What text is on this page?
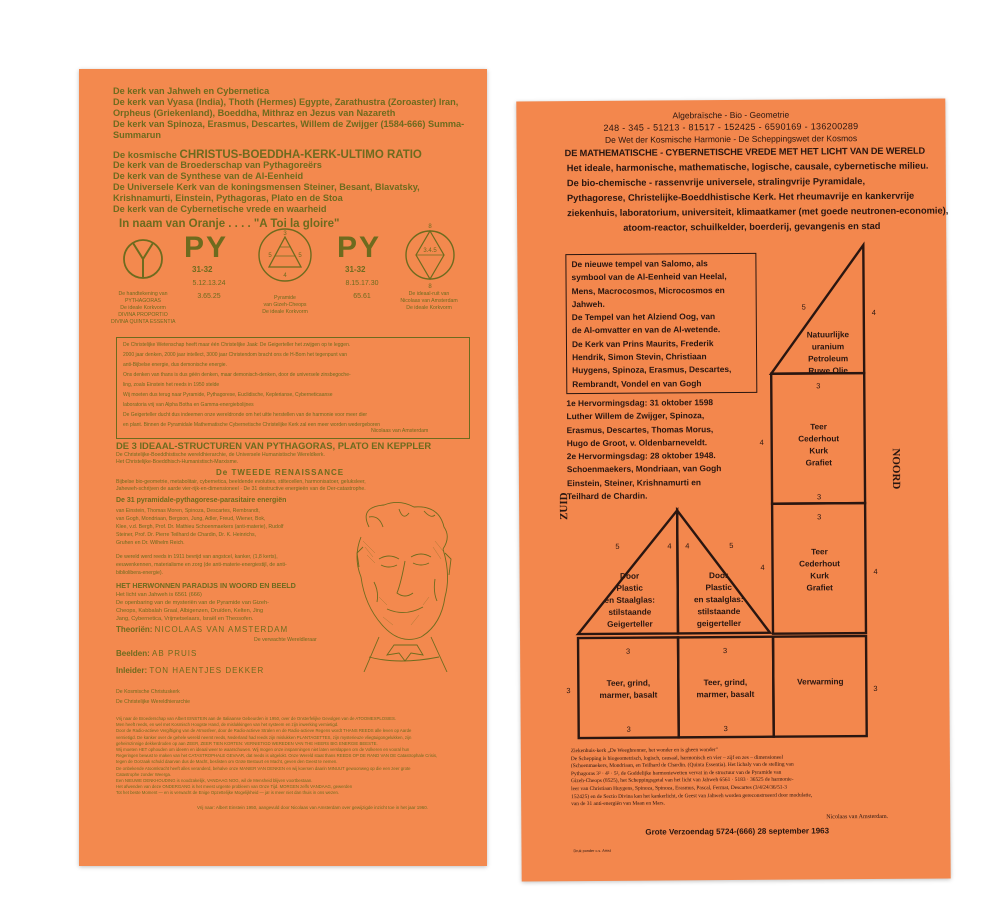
De kerk van Jahweh en Cybernetica
De kerk van Vyasa (India), Thoth (Hermes) Egypte, Zarathustra (Zoroaster) Iran,
Orpheus (Griekenland), Boeddha, Mithraz en Jezus van Nazareth
De kerk van Spinoza, Erasmus, Descartes, Willem de Zwijger (1584-666) Summa-
Summarun
De kosmische CHRISTUS-BOEDDHA-KERK-ULTIMO RATIO
De kerk van de Broederschap van Pythagoreërs
De kerk van de Synthese van de Al-Eenheid
De Universele Kerk van de koningsmensen Steiner, Besant, Blavatsky,
Krishnamurti, Einstein, Pythagoras, Plato en de Stoa
De kerk van de Cybernetische vrede en waarheid
In naam van Oranje . . . . "A Toi la gloire"
PY
31-32
5.12.13.24
3.65.25
3
5	5
4
PY
31-32
8.15.17.30
65.61
8
3.4.5
8
De handtekening van
PYTHAGORAS
De ideale Korkvorm
DIVINA PROPORTIO
DIVINA QUINTA ESSENTIA
Pyramide
van Gizeh-Cheops
De ideale Korkvorm
De ideaal-ruit van
Nicolaas van Amsterdam
De ideale Korkvorm
De Christelijke Wetenschap heeft maar één Christelijke Jaak: De Geigerteller het zwijgen op te leggen.
2000 jaar denken, 2000 jaar intellect, 3000 jaar Christendom bracht ons de H-Bom het tegenpunt van
anti-Bijbelse energie, dus demonische energie.
Ons denken van thans is dus géén denken, maar demonisch-denken, door de universele zinsbegoche-
ling, zoals Einstein het reeds in 1950 stelde
Wij moeten dus terug naar Pyramide, Pythagorese, Euclidische, Keplerianse, Cyberneticaanse
laboratoria vrij van Alpha Botha en Gamma-energiebolijnes
De Geigerteller ducht dus indeemen onze wereldronde om het uitte herstellen van de harmonie voor meer dier
en plant. Binnen de Pyramidale Mathematische Cybernetische Christelijke Kerk zal een meer worden wedergeboren
Nicolaas van Amsterdam
DE 3 IDEAAL-STRUCTUREN VAN PYTHAGORAS, PLATO EN KEPPLER
De Christelijke-Boeddhistische wereldhierarchie, de Universele Humanistische Wereldkerk.
Het Christelijke-Boeddhisch-Humanistisch-Marxisme.
De TWEEDE RENAISSANCE
Bijbelse bio-geometrie, metabolitair, cybernetica, beeldende evoluties, stiltecellen, harmonisatoer, geluksleer,
Jaheweh-schrijven de aarde vier-rijk-en-dimensioneel · De 31 destructive energieën van de Oer-catastrophe.
De 31 pyramidale-pythagorese-parasitaire energiën
van Einstein, Thomas Moren, Spinoza, Descartes, Rembrandt,
van Gogh, Mondriaan, Bergson, Jung, Adler, Freud, Wiener, Bok,
Klee, v.d. Bergh, Prof. Dr. Mathieu Schoenmaekers (anti-materie), Rudolf
Steiner, Prof. Dr. Pierre Teilhard de Chardin, Dr. K. Heinrichs,
Gruhen en Dr. Wilhelm Reich.
De wereld werd reeds in 1911 bevrijd van angstcel, kanker, (1,8 kerts),
eeuwenkennen, materialisme en zorg (de anti-materie-energiestijl, de anti-
bibliolibera-energie).
HET HERWONNEN PARADIJS IN WOORD EN BEELD
Het licht van Jahweh is 6561 (666)
De openbaring van de mysteriën van de Pyramide van Gizeh-
Cheops, Kabbalah Graal, Albigenzen, Druïden, Kelten, Jing
Jang, Cybernetica, Vrijmetselaars, Israël en Theosofen.
Theoriën: NICOLAAS VAN AMSTERDAM
De verwachte Wereldleraar
Beelden: AB PRUIS
Inleider: TON HAENTJES DEKKER
De Kosmische Christuskerk
De Christelijke Wereldhierarchie
Vrij naar de Broederschap van Albert EINSTEIN aan de Italiaanse Gebeurden in 1950, over de Onsterfelijke Gevolgen van de ATOOMEXPLOSIES.
Men heeft reeds, en wel met Kosmisch Hoogste Hand, de mislukkingen van het systeem en zijn inwerking vernietigd.
Door de Radio-actieve Vergiftiging van de Atmosfeer, door de Radio-actieve Stralen en de Radio-actieve Regens wordt THANS REEDS alle leven op Aarde
vernietigd. De kanker over de gehele wereld neemt reeds, Nederland had reeds zijn mislukken PLANTAGETTES, zijn mysterieuze vliegtuigongelukken, zijn
geheimzinnige dekkerdroden op aan ZEER, ZEER TIEN KORTEN: VERNIETIGD WEREDEN VAN THE HEERS BIG ENERGIE BEESTE.
Wij moeten HET ophouden om ideeën en ideaal weer te waarschuwen. Wij mogen onze inspanningen niet laten verslappen om de Volkeren en vooral hun
Regeringen bewust te maken van het CATASTROPHALE GEVAAR, dat reeds is uitgelokt. Onze Wereld staat thans REEDS OP DE RAND VAN DE Catastrophale Crisis,
tegen de Oorzaak schuld daarvan dus de Macht, beslisten om Grote Bestuurt en Macht, geven den Geest te nemen.
De onbekende Atoomkracht heeft alles veranderd, behalve onze MANIER VAN DENKEN en wij koersen daarin MINUUT gewoonweg op die een zeer grote
Catastrophe zonder Weerga.
Een NIEUWE DENKHOUDING is noodzakelijk, VANDAAG NOG, wil de Mensheid blijven voortbestaan.
Het afwenden van deze ONDERGANG is het meest urgente probleem van Onze Tijd. MORGEN zelfs VANDAAG, gewerden
Tot het beste Moment — en is verwacht de Enige Opzettelijke Mogelijkheid — ja! is meer niet dan thuis in ons wezen.
Vrij naar: Albert Einstein 1950, aangevuld door Nicolaas van Amsterdam over gewijzigde inzicht toe in het jaar 1960.
Algebraïsche - Bio - Geometrie
248 - 345 - 51213 - 81517 - 152425 - 6590169 - 136200289
De Wet der Kosmische Harmonie - De Scheppingswet der Kosmos
DE MATHEMATISCHE - CYBERNETISCHE VREDE MET HET LICHT VAN DE WERELD
Het ideale, harmonische, mathematische, logische, causale, cybernetische milieu.
De bio-chemische - rassenvrije universele, stralingvrije Pyramidale,
Pythagorese, Christelijke-Boeddhistische Kerk. Het rheumavrije en kankervrije
ziekenhuis, laboratorium, universiteit, klimaatkamer (met goede neutronen-economie),
atoom-reactor, schuilkelder, boerderij, gevangenis en stad
De nieuwe tempel van Salomo, als
symbool van de Al-Eenheid van Heelal,
Mens, Macrocosmos, Microcosmos en
Jahweh.
De Tempel van het Alziend Oog, van
de Al-omvatter en van de Al-wetende.
De Kerk van Prins Maurits, Frederik
Hendrik, Simon Stevin, Christiaan
Huygens, Spinoza, Erasmus, Descartes,
Rembrandt, Vondel en van Gogh
1e Hervormingsdag: 31 oktober 1598
Luther Willem de Zwijger, Spinoza,
Erasmus, Descartes, Thomas Morus,
Hugo de Groot, v. Oldenbarneveldt.
2e Hervormingsdag: 28 oktober 1948.
Schoenmaekers, Mondriaan, van Gogh
Einstein, Steiner, Krishnamurti en
Teilhard de Chardin.
ZUID
NOORD
Natuurlijke
uranium
Petroleum
Ruwe Olie
Teer
Cederhout
Kurk
Grafiet
Teer
Cederhout
Kurk
Grafiet
Door
Plastic
en Staalglas:
stilstaande
Geigerteller
Door
Plastic
en staalglas:
stilstaande
geigerteller
Teer, grind,
marmer, basalt
Teer, grind,
marmer, basalt
Verwarming
5
4
3
4
3
4
3
4
5	4 4	5
3	3
3	3
3	3
Ziekenhuis-kerk „De Weegbrenner, het wonder en is gheen wonder"
De Schepping is biogeometrisch, logisch, causaal, harmonisch en vier – zijf en zes – dimensioneel
(Schoenmaekers, Mondriaan, en Teilhard de Chardin. (Quinta Essentia). Het lichaly van de stelling van
Pythagoras 3² · 4² · 5², de Goddelijke harmoniewetten vervat in de structuur van de Pyramide van
Gizeh-Cheops (8525), het Scheppingsgetal van het licht van Jahweh 6561 · 5183 · 36525 de harmonie-
leer van Christiaan Huygens, Spinoza, Spinoza, Erasmus, Pascal, Fermat, Descartes (3/4/24/36/51-3
152425) en de Sectio Divina kan het kankerlicht, de Geest van Jahweh worden gereconstrueerd door modulatie,
van de 31 anti-energiën van Maan en Mars.
Nicolaas van Amsterdam.
Grote Verzoendag 5724-(666) 28 september 1963
Druk ponder c.s. Amst
